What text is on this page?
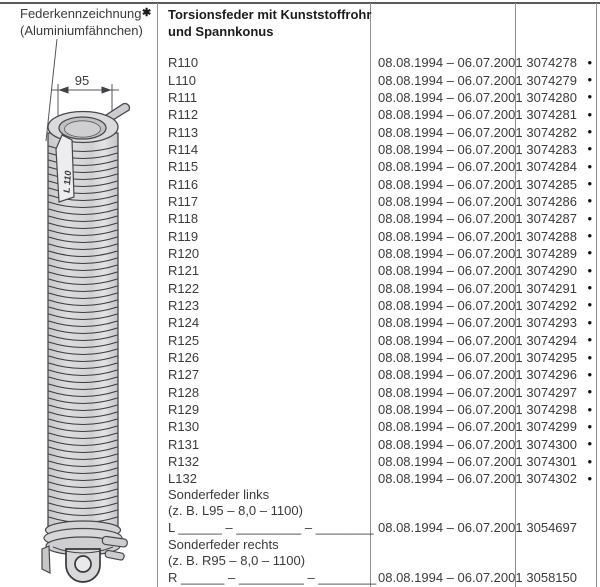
Federkennzeichnung
(Aluminiumfähnchen)
✱
95
L 110
Torsionsfeder mit Kunststoffrohr
und Spannkonus
R110	08.08.1994 – 06.07.2001 3074278 •
L110	08.08.1994 – 06.07.2001 3074279 •
R111	08.08.1994 – 06.07.2001 3074280 •
R112	08.08.1994 – 06.07.2001 3074281 •
R113	08.08.1994 – 06.07.2001 3074282 •
R114	08.08.1994 – 06.07.2001 3074283 •
R115	08.08.1994 – 06.07.2001 3074284 •
R116	08.08.1994 – 06.07.2001 3074285 •
R117	08.08.1994 – 06.07.2001 3074286 •
R118	08.08.1994 – 06.07.2001 3074287 •
R119	08.08.1994 – 06.07.2001 3074288 •
R120	08.08.1994 – 06.07.2001 3074289 •
R121	08.08.1994 – 06.07.2001 3074290 •
R122	08.08.1994 – 06.07.2001 3074291 •
R123	08.08.1994 – 06.07.2001 3074292 •
R124	08.08.1994 – 06.07.2001 3074293 •
R125	08.08.1994 – 06.07.2001 3074294 •
R126	08.08.1994 – 06.07.2001 3074295 •
R127	08.08.1994 – 06.07.2001 3074296 •
R128	08.08.1994 – 06.07.2001 3074297 •
R129	08.08.1994 – 06.07.2001 3074298 •
R130	08.08.1994 – 06.07.2001 3074299 •
R131	08.08.1994 – 06.07.2001 3074300 •
R132	08.08.1994 – 06.07.2001 3074301 •
L132	08.08.1994 – 06.07.2001 3074302 •
Sonderfeder links
(z. B. L95 – 8,0 – 1100)
L ______ – _________ – ________ 08.08.1994 – 06.07.2001 3054697
Sonderfeder rechts
(z. B. R95 – 8,0 – 1100)
R ______ – _________ – ________ 08.08.1994 – 06.07.2001 3058150
